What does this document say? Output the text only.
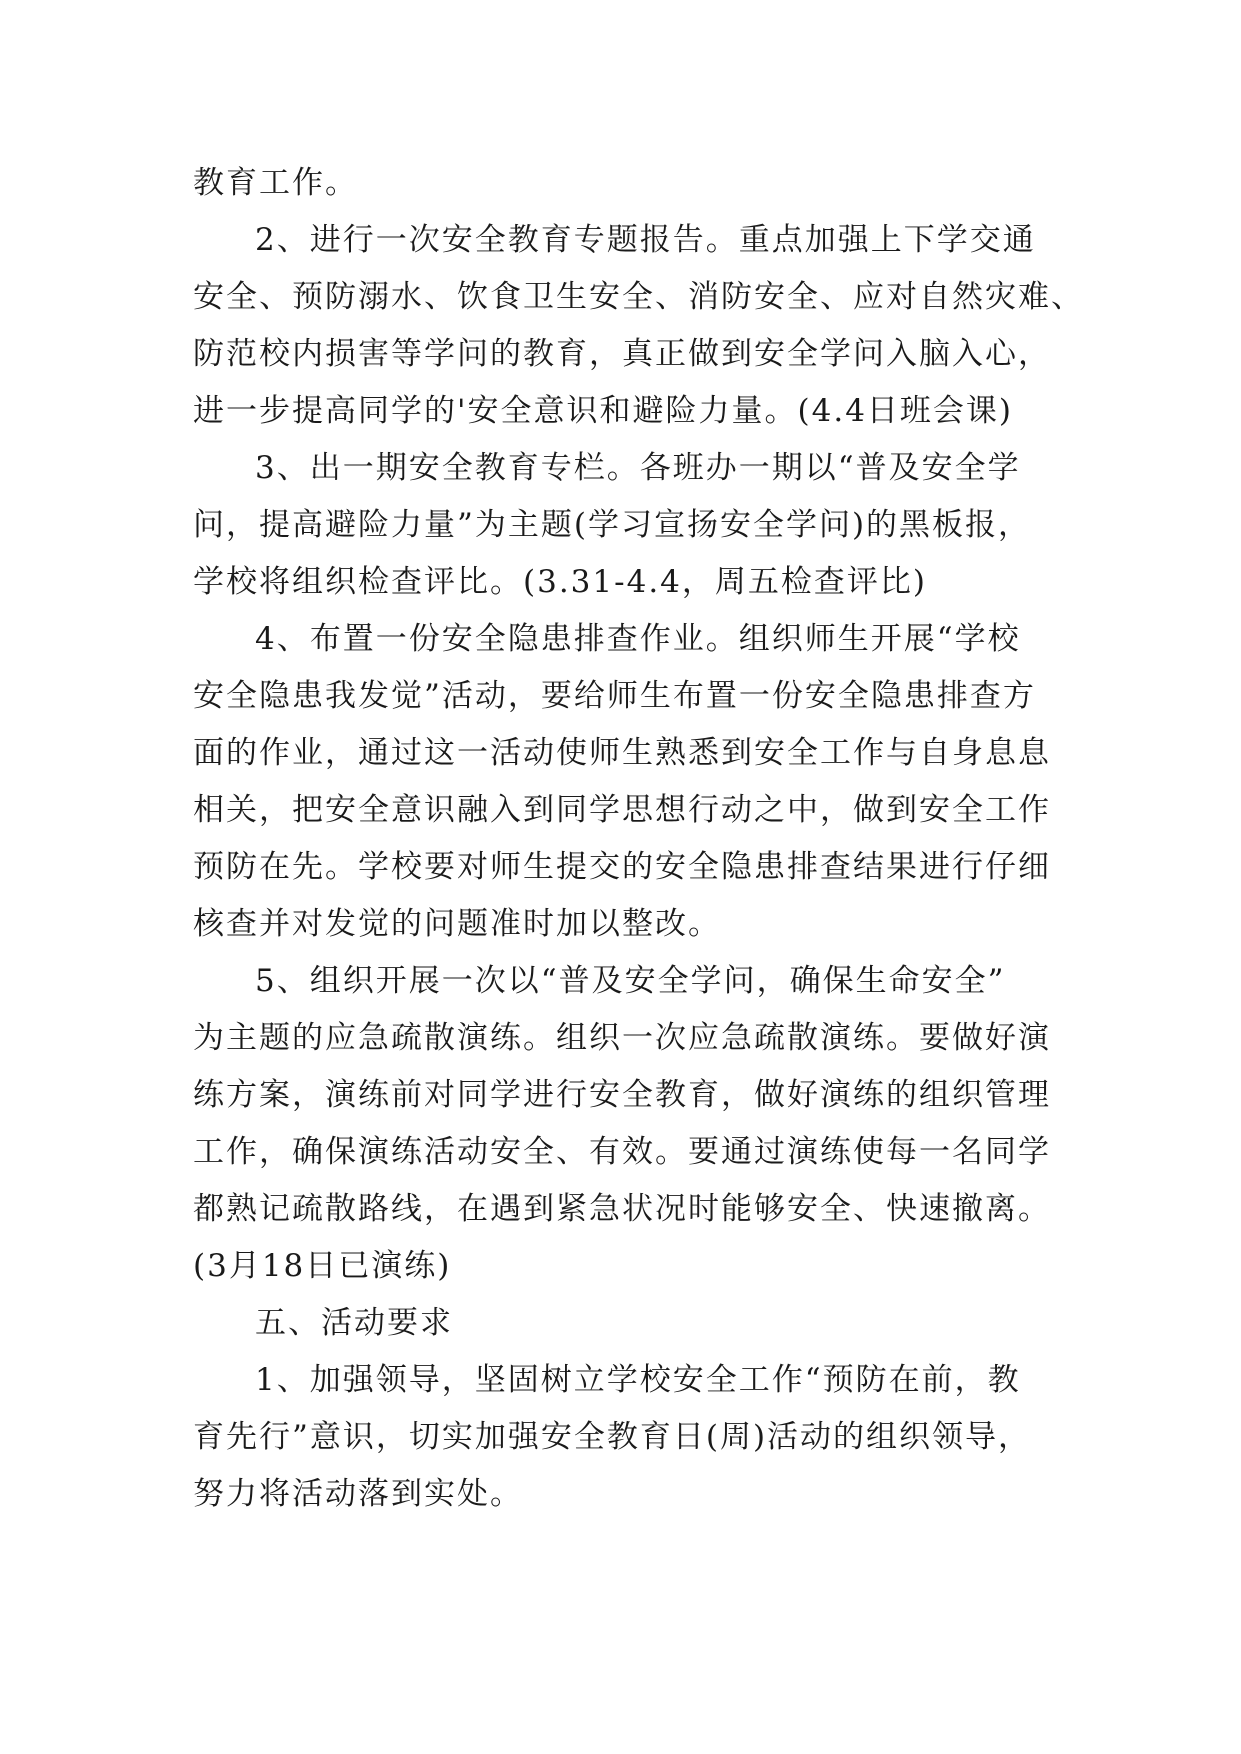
教育工作。
2、进行一次安全教育专题报告。重点加强上下学交通
安全、预防溺水、饮食卫生安全、消防安全、应对自然灾难、
防范校内损害等学问的教育，真正做到安全学问入脑入心，
进一步提高同学的'安全意识和避险力量。(4.4日班会课)
3、出一期安全教育专栏。各班办一期以“普及安全学
问，提高避险力量”为主题(学习宣扬安全学问)的黑板报，
学校将组织检查评比。(3.31-4.4，周五检查评比)
4、布置一份安全隐患排查作业。组织师生开展“学校
安全隐患我发觉”活动，要给师生布置一份安全隐患排查方
面的作业，通过这一活动使师生熟悉到安全工作与自身息息
相关，把安全意识融入到同学思想行动之中，做到安全工作
预防在先。学校要对师生提交的安全隐患排查结果进行仔细
核查并对发觉的问题准时加以整改。
5、组织开展一次以“普及安全学问，确保生命安全”
为主题的应急疏散演练。组织一次应急疏散演练。要做好演
练方案，演练前对同学进行安全教育，做好演练的组织管理
工作，确保演练活动安全、有效。要通过演练使每一名同学
都熟记疏散路线，在遇到紧急状况时能够安全、快速撤离。
(3月18日已演练)
五、活动要求
1、加强领导，坚固树立学校安全工作“预防在前，教
育先行”意识，切实加强安全教育日(周)活动的组织领导，
努力将活动落到实处。
